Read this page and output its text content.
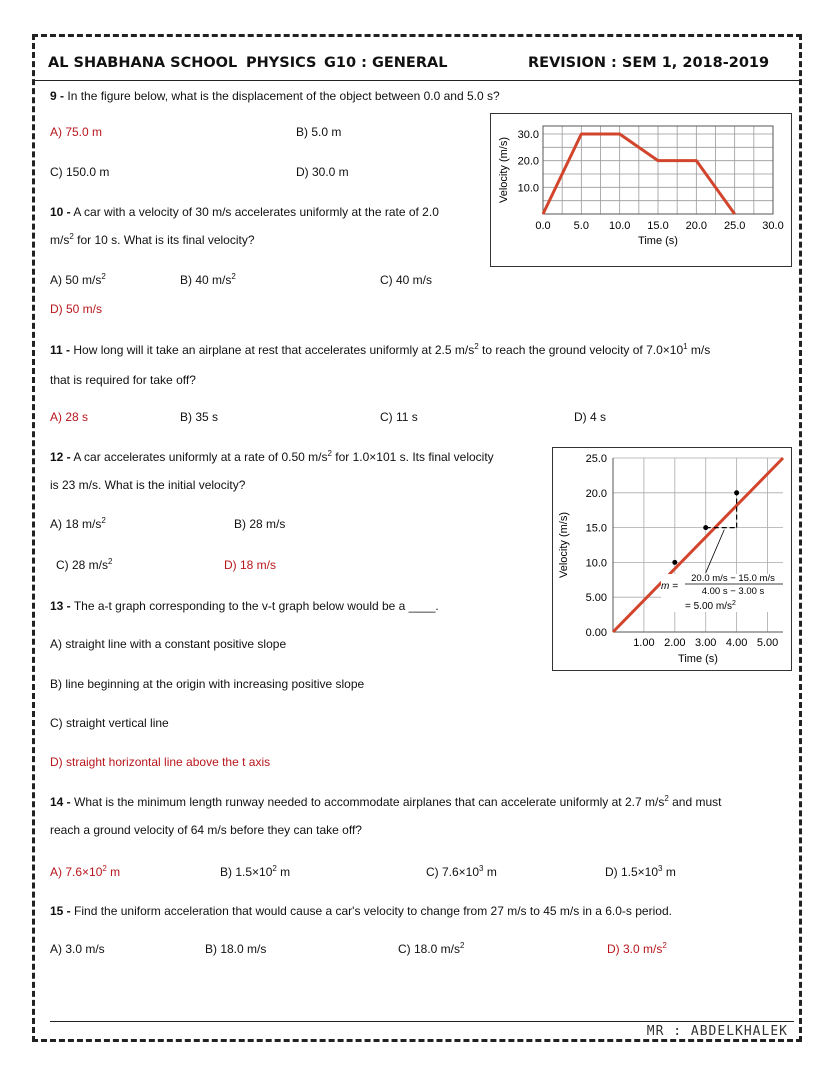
AL SHABHANA SCHOOL PHYSICS G10 : GENERAL	REVISION : SEM 1, 2018-2019
9 - In the figure below, what is the displacement of the object between 0.0 and 5.0 s?
A) 75.0 m	B) 5.0 m
C) 150.0 m	D) 30.0 m
0.0 5.0 10.0 15.0 20.0 25.0 30.0
10.0
20.0
30.0
Time (s)
Velocity (m/s)
10 - A car with a velocity of 30 m/s accelerates uniformly at the rate of 2.0
$m/s^2$ for 10 s. What is its final velocity?
A) 50 $m/s^2$	B) 40 $m/s^2$	C) 40 m/s
D) 50 m/s
11 - How long will it take an airplane at rest that accelerates uniformly at 2.5 $m/s^2$ to reach the ground velocity of $7.0\times 10^1$ m/s
that is required for take off?
A) 28 s	B) 35 s	C) 11 s	D) 4 s
12 - A car accelerates uniformly at a rate of 0.50 $m/s^2$ for 1.0×101 s. Its final velocity
is 23 m/s. What is the initial velocity?
A) 18 $m/s^2$	B) 28 m/s
C) 28 $m/s^2$	D) 18 m/s
1.00 2.00 3.00 4.00 5.00
0.00
5.00
10.0
15.0
20.0
25.0
Time (s)
Velocity (m/s)
m =
20.0 m/s − 15.0 m/s
4.00 s − 3.00 s
= 5.00 $m/s^2$
13 - The a-t graph corresponding to the v-t graph below would be a ____.
A) straight line with a constant positive slope
B) line beginning at the origin with increasing positive slope
C) straight vertical line
D) straight horizontal line above the t axis
14 - What is the minimum length runway needed to accommodate airplanes that can accelerate uniformly at 2.7 $m/s^2$ and must
reach a ground velocity of 64 m/s before they can take off?
A) $7.6\times 10^2$ m	B) $1.5\times 10^2$ m	C) $7.6\times 10^3$ m	D) $1.5\times 10^3$ m
15 - Find the uniform acceleration that would cause a car's velocity to change from 27 m/s to 45 m/s in a 6.0-s period.
A) 3.0 m/s	B) 18.0 m/s	C) 18.0 $m/s^2$	D) 3.0 $m/s^2$
MR : ABDELKHALEK
